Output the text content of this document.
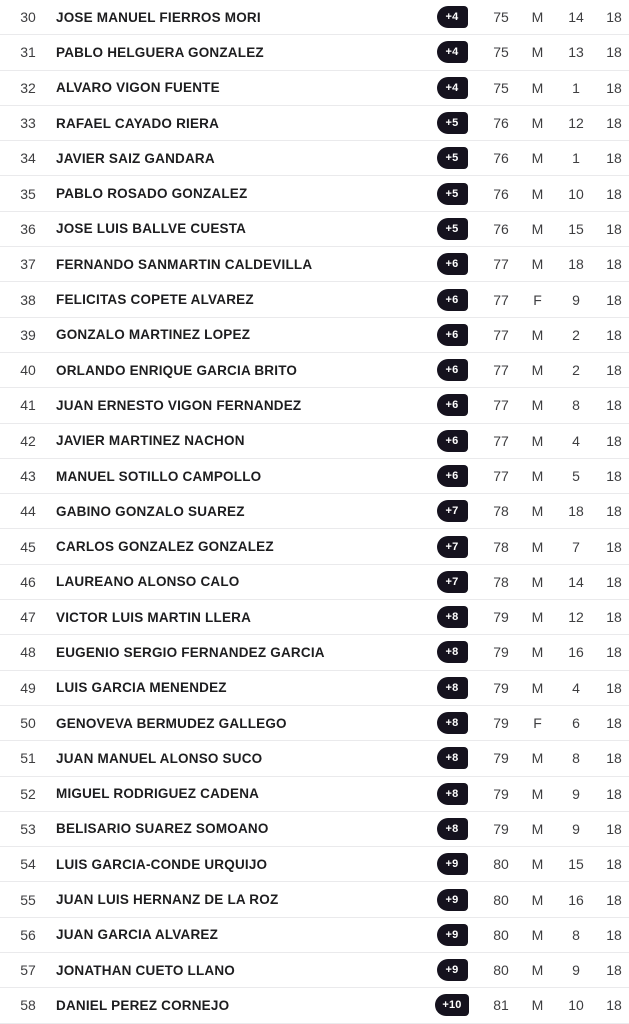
30	JOSE MANUEL FIERROS MORI	+4	75	M	14	18
31	PABLO HELGUERA GONZALEZ	+4	75	M	13	18
32	ALVARO VIGON FUENTE	+4	75	M	1	18
33	RAFAEL CAYADO RIERA	+5	76	M	12	18
34	JAVIER SAIZ GANDARA	+5	76	M	1	18
35	PABLO ROSADO GONZALEZ	+5	76	M	10	18
36	JOSE LUIS BALLVE CUESTA	+5	76	M	15	18
37	FERNANDO SANMARTIN CALDEVILLA	+6	77	M	18	18
38	FELICITAS COPETE ALVAREZ	+6	77	F	9	18
39	GONZALO MARTINEZ LOPEZ	+6	77	M	2	18
40	ORLANDO ENRIQUE GARCIA BRITO	+6	77	M	2	18
41	JUAN ERNESTO VIGON FERNANDEZ	+6	77	M	8	18
42	JAVIER MARTINEZ NACHON	+6	77	M	4	18
43	MANUEL SOTILLO CAMPOLLO	+6	77	M	5	18
44	GABINO GONZALO SUAREZ	+7	78	M	18	18
45	CARLOS GONZALEZ GONZALEZ	+7	78	M	7	18
46	LAUREANO ALONSO CALO	+7	78	M	14	18
47	VICTOR LUIS MARTIN LLERA	+8	79	M	12	18
48	EUGENIO SERGIO FERNANDEZ GARCIA	+8	79	M	16	18
49	LUIS GARCIA MENENDEZ	+8	79	M	4	18
50	GENOVEVA BERMUDEZ GALLEGO	+8	79	F	6	18
51	JUAN MANUEL ALONSO SUCO	+8	79	M	8	18
52	MIGUEL RODRIGUEZ CADENA	+8	79	M	9	18
53	BELISARIO SUAREZ SOMOANO	+8	79	M	9	18
54	LUIS GARCIA-CONDE URQUIJO	+9	80	M	15	18
55	JUAN LUIS HERNANZ DE LA ROZ	+9	80	M	16	18
56	JUAN GARCIA ALVAREZ	+9	80	M	8	18
57	JONATHAN CUETO LLANO	+9	80	M	9	18
58	DANIEL PEREZ CORNEJO	+10	81	M	10	18
